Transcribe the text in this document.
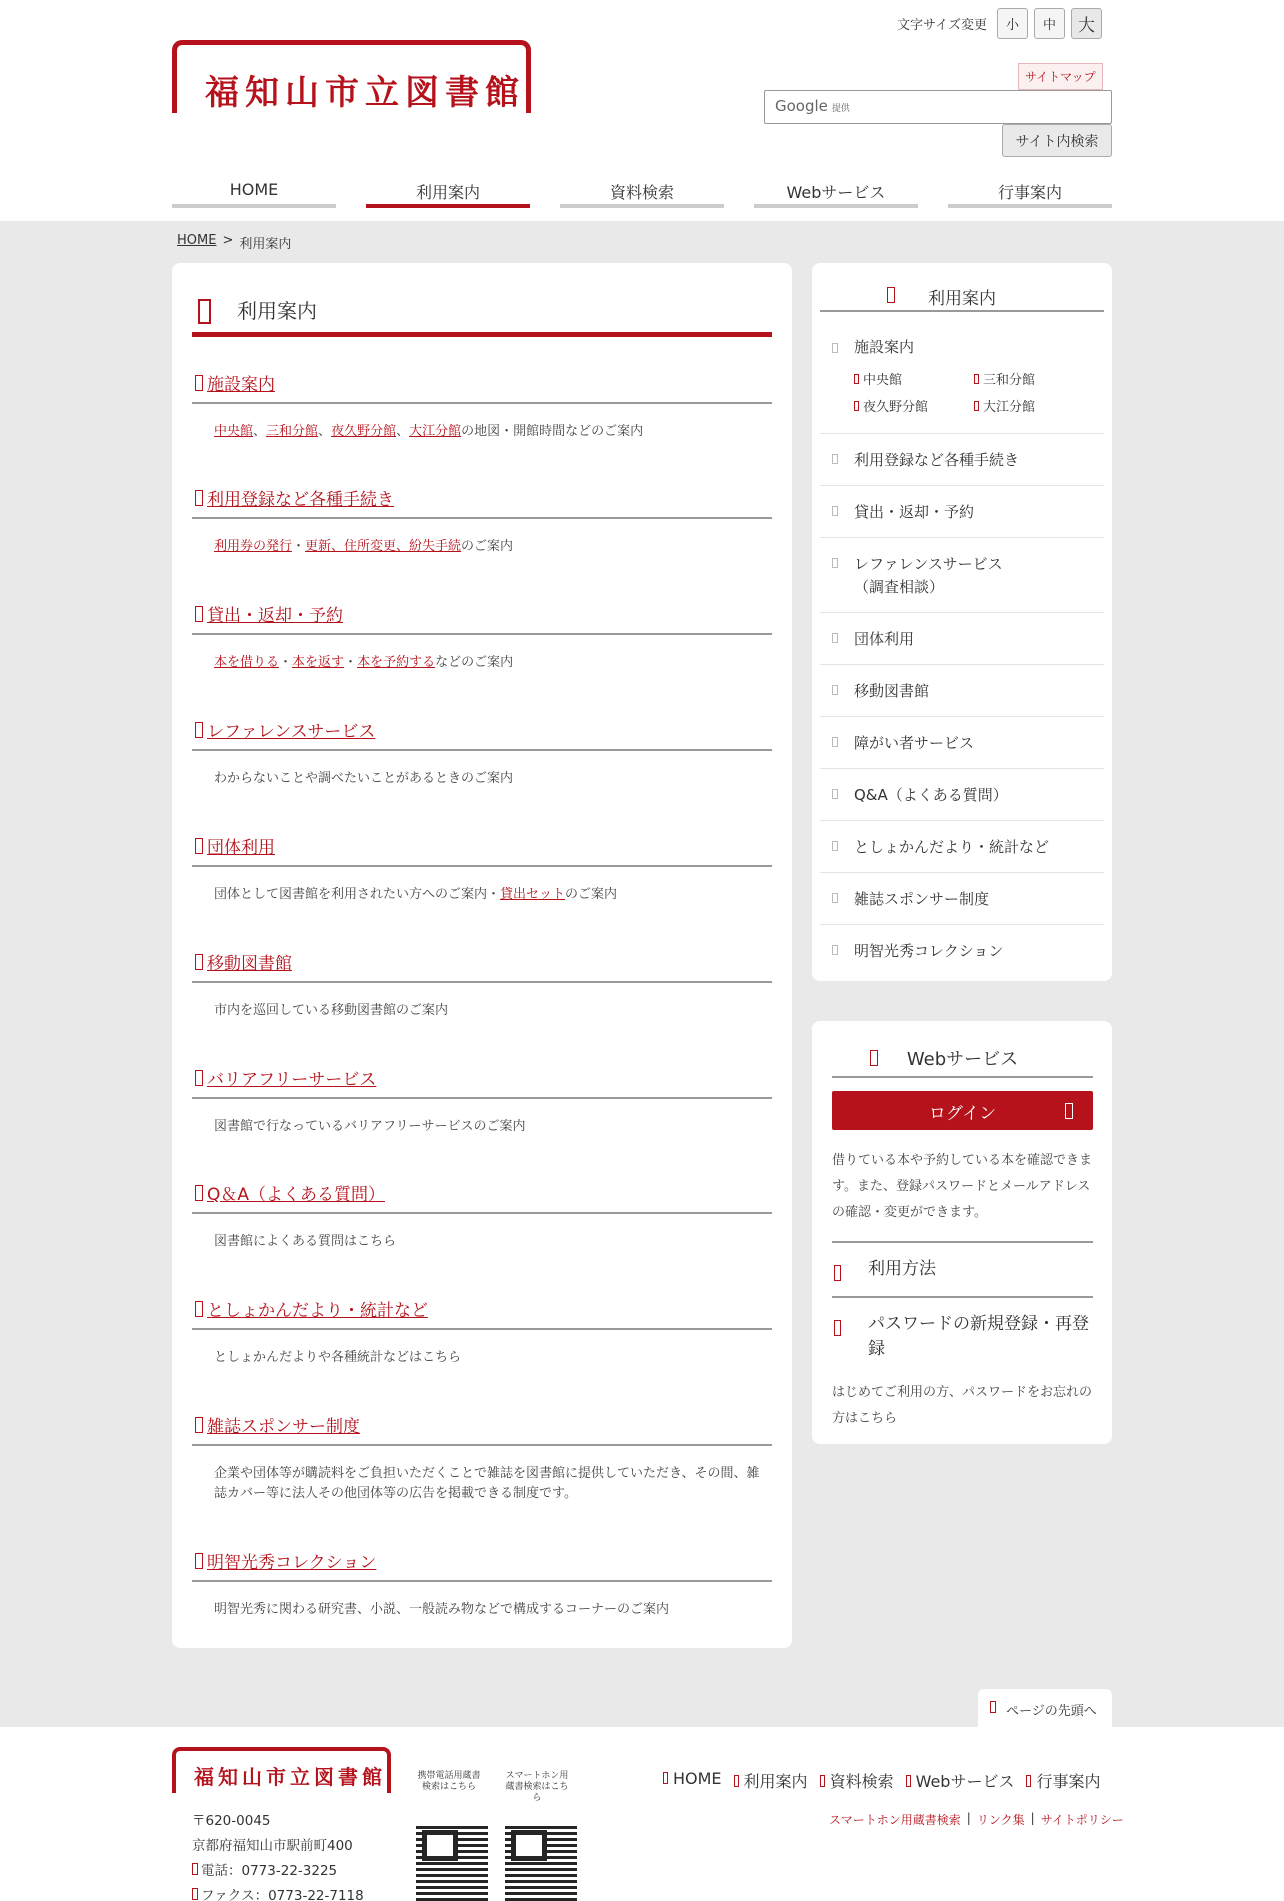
福知山市立図書館
文字サイズ変更	小	中	大
サイトマップ
Google 提供
サイト内検索
HOME	利用案内	資料検索	Webサービス	行事案内
HOME > 利用案内
利用案内
施設案内
中央館、三和分館、夜久野分館、大江分館の地図・開館時間などのご案内
利用登録など各種手続き
利用券の発行・更新、住所変更、紛失手続のご案内
貸出・返却・予約
本を借りる・本を返す・本を予約するなどのご案内
レファレンスサービス
わからないことや調べたいことがあるときのご案内
団体利用
団体として図書館を利用されたい方へのご案内・貸出セットのご案内
移動図書館
市内を巡回している移動図書館のご案内
バリアフリーサービス
図書館で行なっているバリアフリーサービスのご案内
Q＆A（よくある質問）
図書館によくある質問はこちら
としょかんだより・統計など
としょかんだよりや各種統計などはこちら
雑誌スポンサー制度
企業や団体等が購読料をご負担いただくことで雑誌を図書館に提供していただき、その間、雑誌カバー等に法人その他団体等の広告を掲載できる制度です。
明智光秀コレクション
明智光秀に関わる研究書、小説、一般読み物などで構成するコーナーのご案内
利用案内
施設案内
中央館	三和分館
夜久野分館	大江分館
利用登録など各種手続き
貸出・返却・予約
レファレンスサービス
（調査相談）
団体利用
移動図書館
障がい者サービス
Q&A（よくある質問）
としょかんだより・統計など
雑誌スポンサー制度
明智光秀コレクション
Webサービス
ログイン
借りている本や予約している本を確認できます。また、登録パスワードとメールアドレスの確認・変更ができます。
利用方法
パスワードの新規登録・再登録
はじめてご利用の方、パスワードをお忘れの方はこちら
ページの先頭へ
福知山市立図書館
〒620-0045
京都府福知山市駅前町400
電話：0773-22-3225
ファクス：0773-22-7118
携帯電話用蔵書検索はこちら
スマートホン用蔵書検索はこちら
HOME	利用案内	資料検索	Webサービス	行事案内
スマートホン用蔵書検索 | リンク集 | サイトポリシー
